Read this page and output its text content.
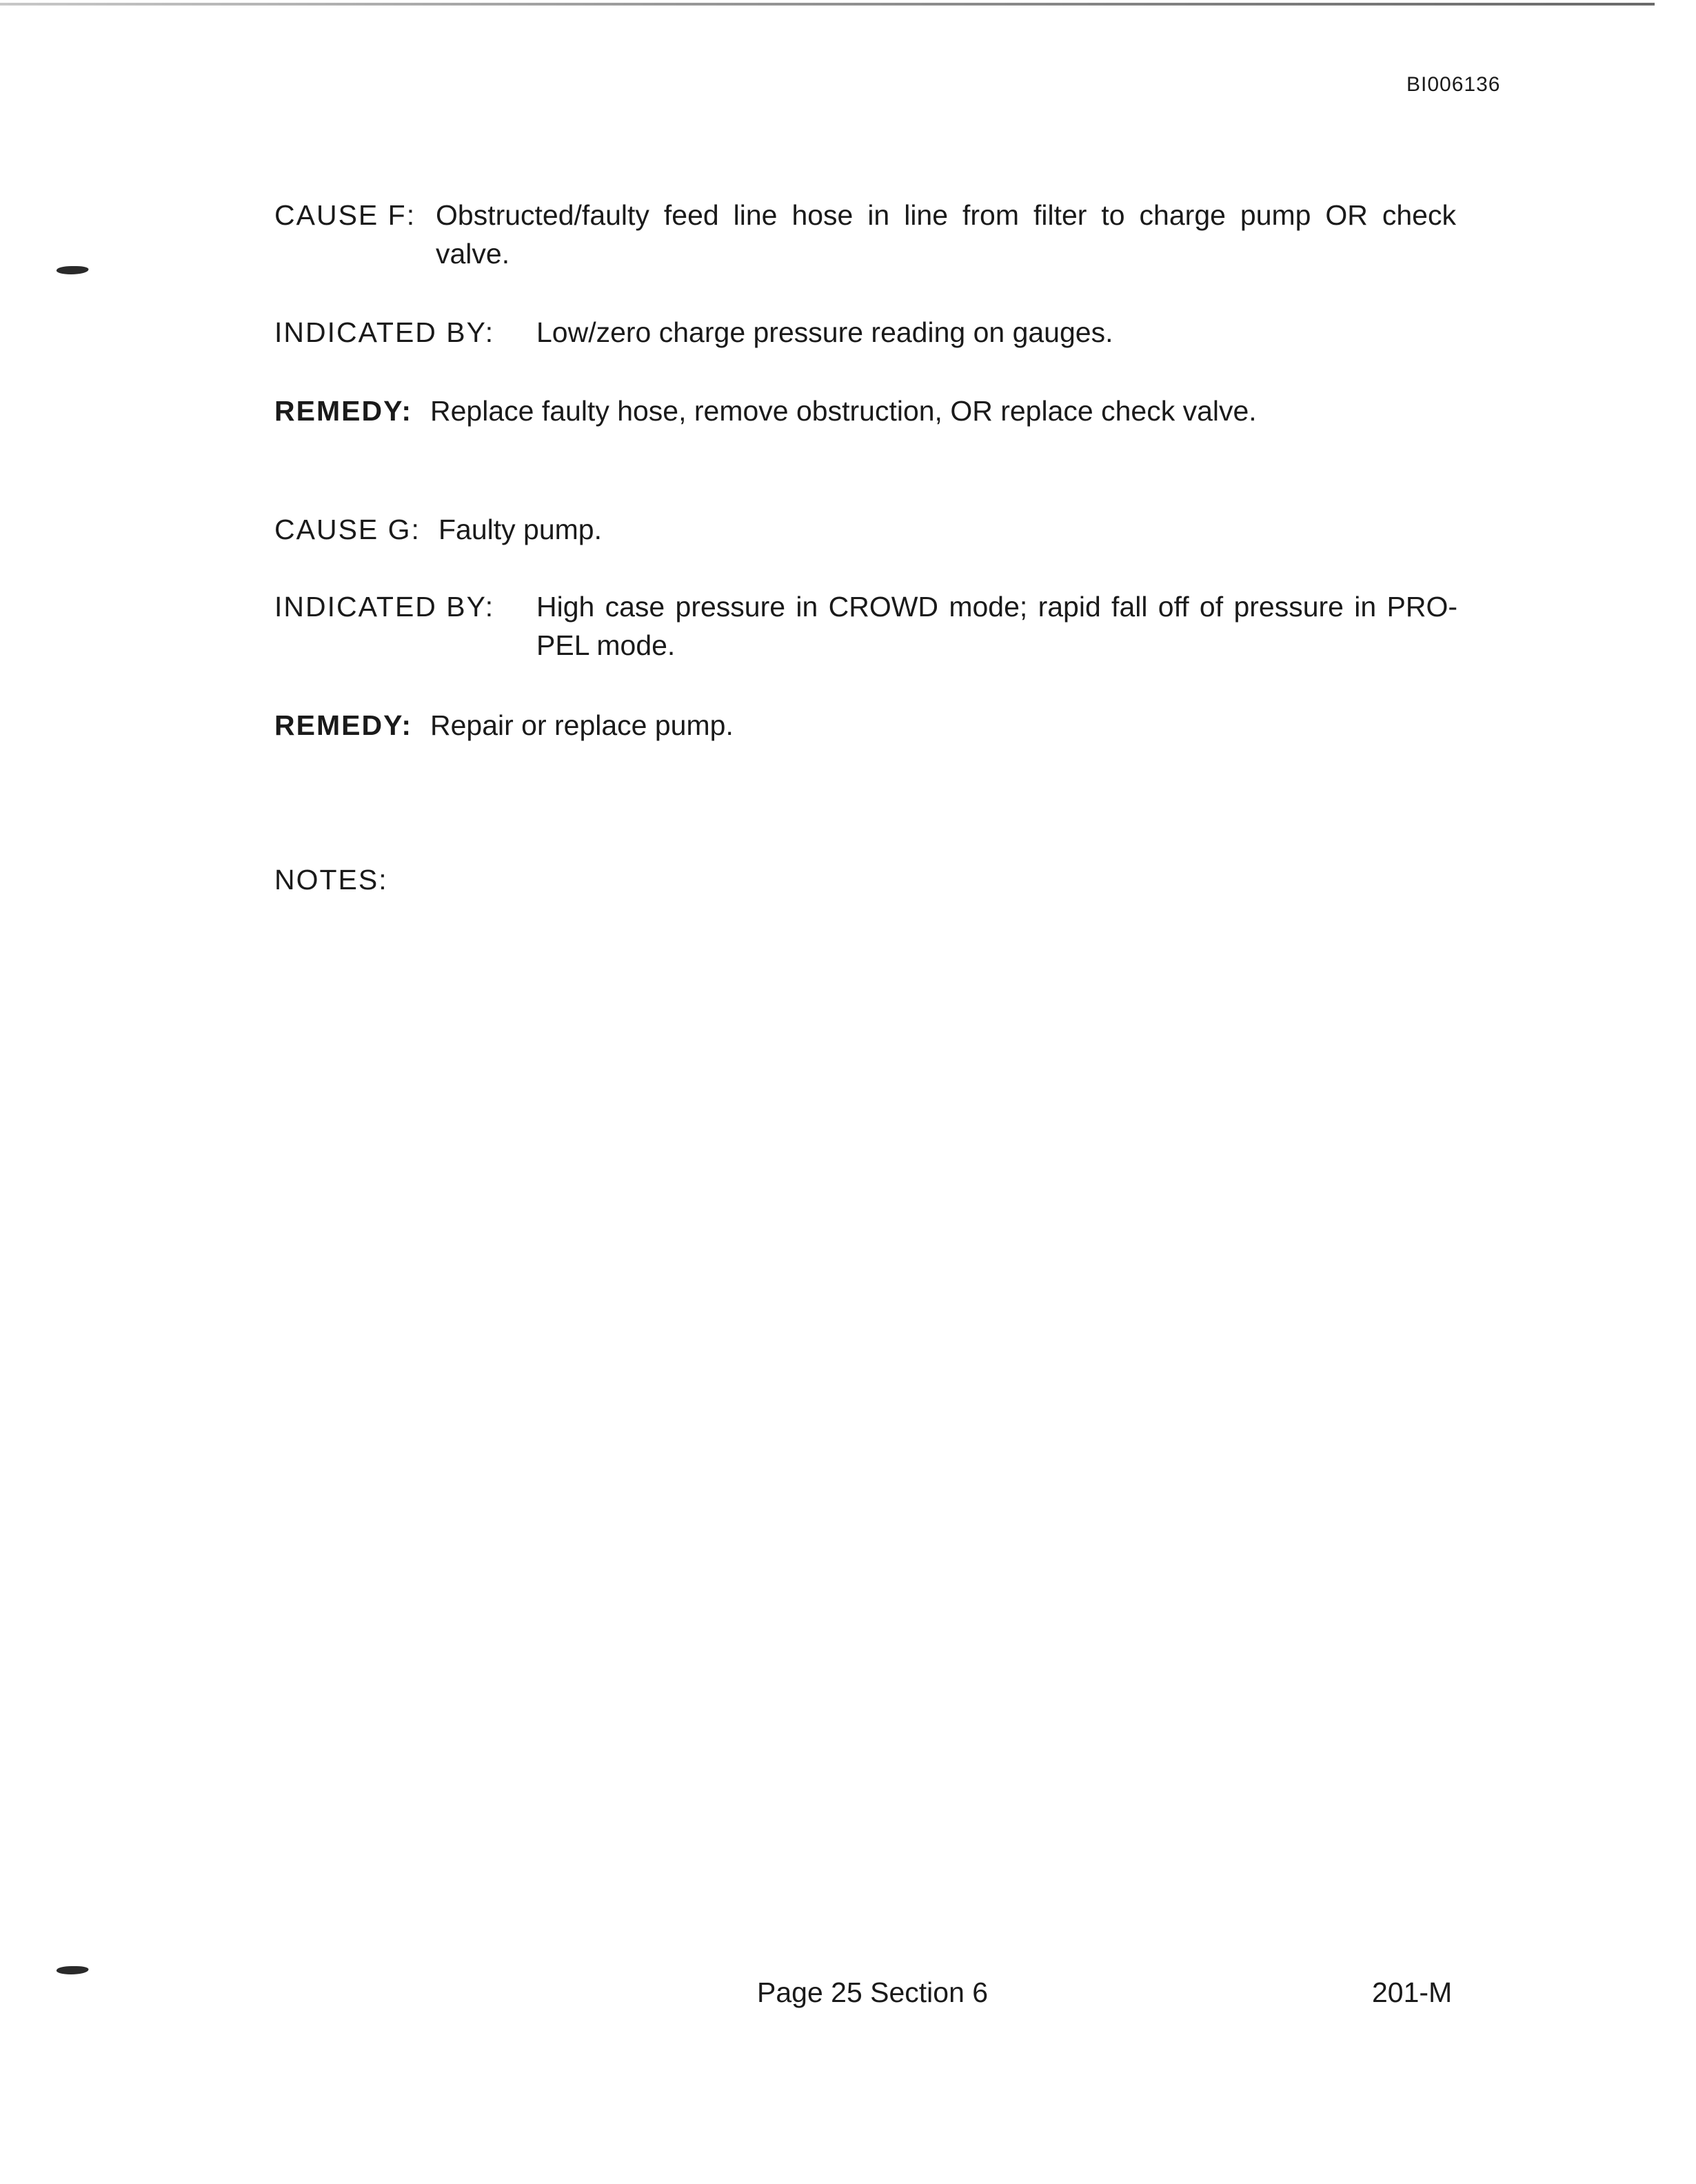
BI006136
CAUSE F: Obstructed/faulty feed line hose in line from filter to charge pump OR check
valve.
INDICATED BY: Low/zero charge pressure reading on gauges.
REMEDY: Replace faulty hose, remove obstruction, OR replace check valve.
CAUSE G: Faulty pump.
INDICATED BY: High case pressure in CROWD mode; rapid fall off of pressure in PRO-
PEL mode.
REMEDY: Repair or replace pump.
NOTES:
Page 25 Section 6	201-M
